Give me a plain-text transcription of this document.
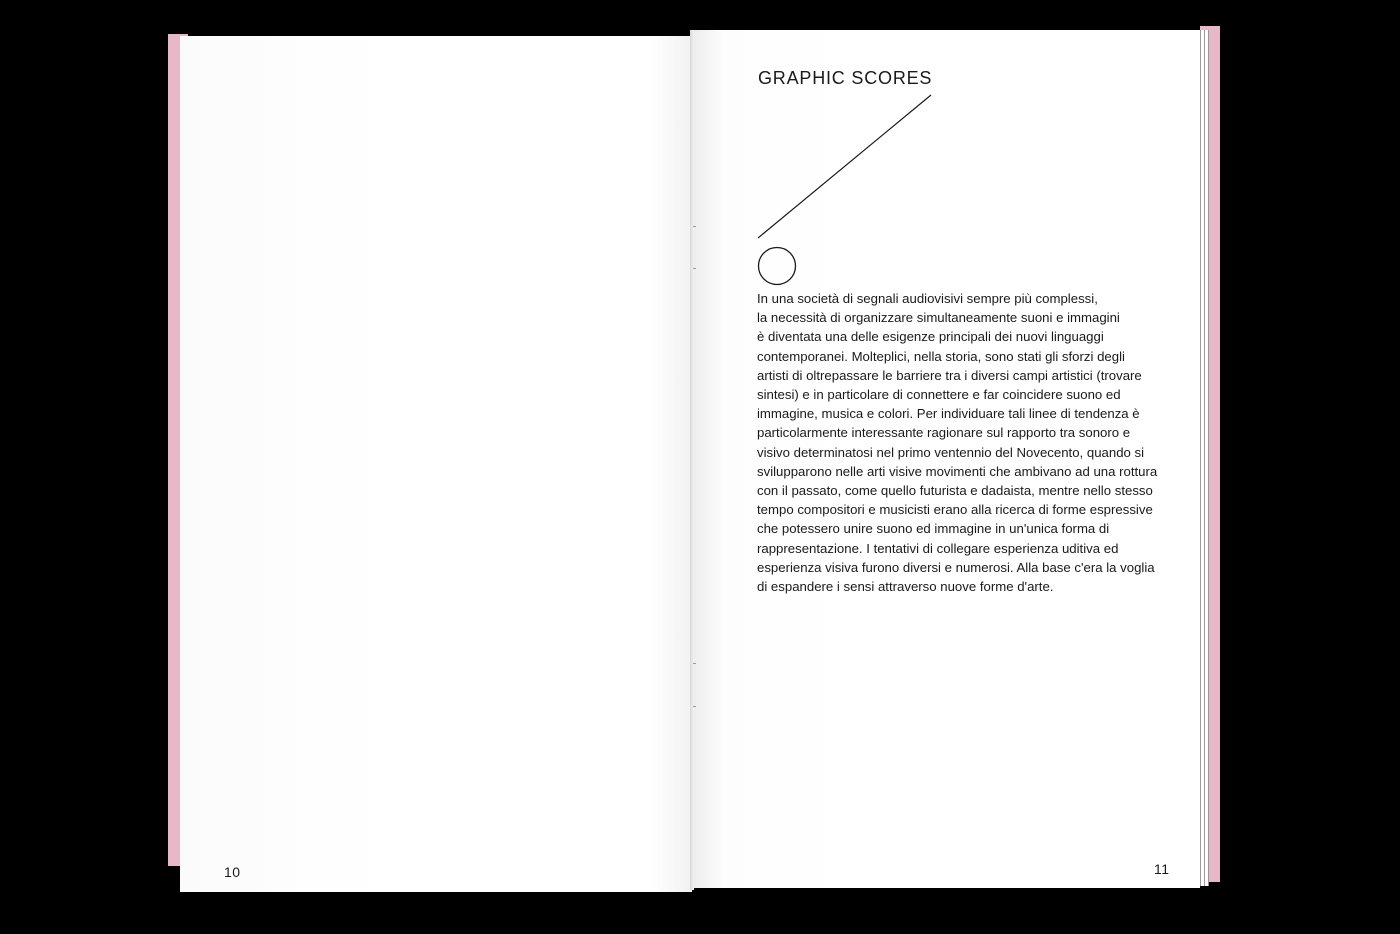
GRAPHIC SCORES
In una società di segnali audiovisivi sempre più complessi,
la necessità di organizzare simultaneamente suoni e immagini
è diventata una delle esigenze principali dei nuovi linguaggi
contemporanei. Molteplici, nella storia, sono stati gli sforzi degli
artisti di oltrepassare le barriere tra i diversi campi artistici (trovare
sintesi) e in particolare di connettere e far coincidere suono ed
immagine, musica e colori. Per individuare tali linee di tendenza è
particolarmente interessante ragionare sul rapporto tra sonoro e
visivo determinatosi nel primo ventennio del Novecento, quando si
svilupparono nelle arti visive movimenti che ambivano ad una rottura
con il passato, come quello futurista e dadaista, mentre nello stesso
tempo compositori e musicisti erano alla ricerca di forme espressive
che potessero unire suono ed immagine in un'unica forma di
rappresentazione. I tentativi di collegare esperienza uditiva ed
esperienza visiva furono diversi e numerosi. Alla base c'era la voglia
di espandere i sensi attraverso nuove forme d'arte.
10	11
